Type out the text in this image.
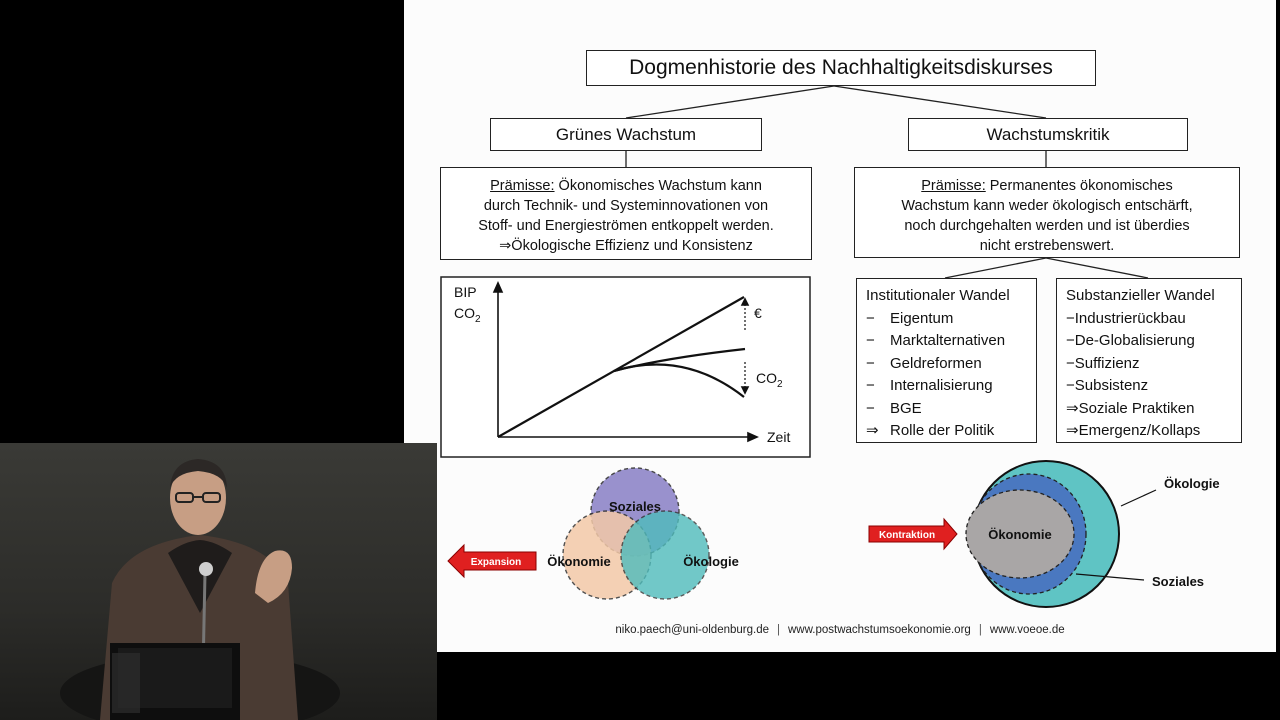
Expansion
Soziales
Ökonomie	Ökologie
Kontraktion	Ökonomie
Ökologie
Soziales
Dogmenhistorie des Nachhaltigkeitsdiskurses
Grünes Wachstum	Wachstumskritik
Prämisse: Ökonomisches Wachstum kann
durch Technik- und Systeminnovationen von
Stoff- und Energieströmen entkoppelt werden.
⇒Ökologische Effizienz und Konsistenz
Prämisse: Permanentes ökonomisches
Wachstum kann weder ökologisch entschärft,
noch durchgehalten werden und ist überdies
nicht erstrebenswert.
BIP
$CO_2$
Zeit
€
$CO_2$
Institutionaler Wandel
−	Eigentum
−	Marktalternativen
−	Geldreformen
−	Internalisierung
−	BGE
⇒ Rolle der Politik
Substanzieller Wandel
−Industrierückbau
−De-Globalisierung
−Suffizienz
−Subsistenz
⇒Soziale Praktiken
⇒Emergenz/Kollaps
niko.paech@uni-oldenburg.de | www.postwachstumsoekonomie.org | www.voeoe.de
